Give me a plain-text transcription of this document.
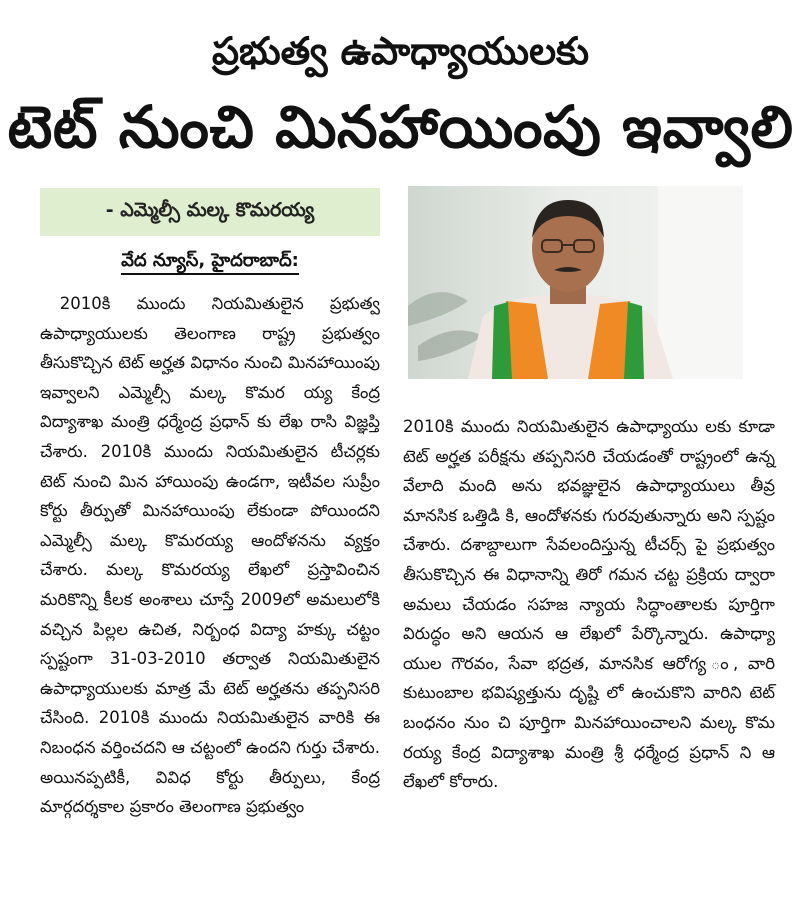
ప్రభుత్వ ఉపాధ్యాయులకు
టెట్ నుంచి మినహాయింపు ఇవ్వాలి
- ఎమ్మెల్సీ మల్క కొమరయ్య
వేద న్యూస్, హైదరాబాద్:

2010కి ముందు నియమితులైన ప్రభుత్వ ఉపాధ్యాయులకు తెలంగాణ రాష్ట్ర ప్రభుత్వం తీసుకొచ్చిన టెట్ అర్హత విధానం నుంచి మినహాయింపు ఇవ్వాలని ఎమ్మెల్సీ మల్క కొమర య్య కేంద్ర విద్యాశాఖ మంత్రి ధర్మేంద్ర ప్రధాన్ కు లేఖ రాసి విజ్ఞప్తి చేశారు. 2010కి ముందు నియమితులైన టీచర్లకు టెట్ నుంచి మిన హాయింపు ఉండగా, ఇటీవల సుప్రీం కోర్టు తీర్పుతో మినహాయింపు లేకుండా పోయిందని ఎమ్మెల్సీ మల్క కొమరయ్య ఆందోళనను వ్యక్తం చేశారు. మల్క కొమరయ్య లేఖలో ప్రస్తావించిన మరికొన్ని కీలక అంశాలు చూస్తే 2009లో అమలులోకి వచ్చిన పిల్లల ఉచిత, నిర్బంధ విద్యా హక్కు చట్టం స్పష్టంగా 31-03-2010 తర్వాత నియమితులైన ఉపాధ్యాయులకు మాత్ర మే టెట్ అర్హతను తప్పనిసరి చేసింది. 2010కి ముందు నియమితులైన వారికి ఈ నిబంధన వర్తించదని ఆ చట్టంలో ఉందని గుర్తు చేశారు. అయినప్పటికీ, వివిధ కోర్టు తీర్పులు, కేంద్ర మార్గదర్శకాల ప్రకారం తెలంగాణ ప్రభుత్వం

2010కి ముందు నియమితులైన ఉపాధ్యాయు లకు కూడా టెట్ అర్హత పరీక్షను తప్పనిసరి చేయడంతో రాష్ట్రంలో ఉన్న వేలాది మంది అను భవజ్ఞులైన ఉపాధ్యాయులు తీవ్ర మానసిక ఒత్తిడి కి, ఆందోళనకు గురవుతున్నారు అని స్పష్టం చేశారు. దశాబ్దాలుగా సేవలందిస్తున్న టీచర్స్ పై ప్రభుత్వం తీసుకొచ్చిన ఈ విధానాన్ని తిరో గమన చట్ట ప్రక్రియ ద్వారా అమలు చేయడం సహజ న్యాయ సిద్ధాంతాలకు పూర్తిగా విరుద్ధం అని ఆయన ఆ లేఖలో పేర్కొన్నారు. ఉపాధ్యా యుల గౌరవం, సేవా భద్రత, మానసిక ఆరోగ్య ం, వారి కుటుంబాల భవిష్యత్తును దృష్టి లో ఉంచుకొని వారిని టెట్ బంధనం నుం చి పూర్తిగా మినహాయించాలని మల్క కొమ రయ్య కేంద్ర విద్యాశాఖ మంత్రి శ్రీ ధర్మేంద్ర ప్రధాన్ ని ఆ లేఖలో కోరారు.
